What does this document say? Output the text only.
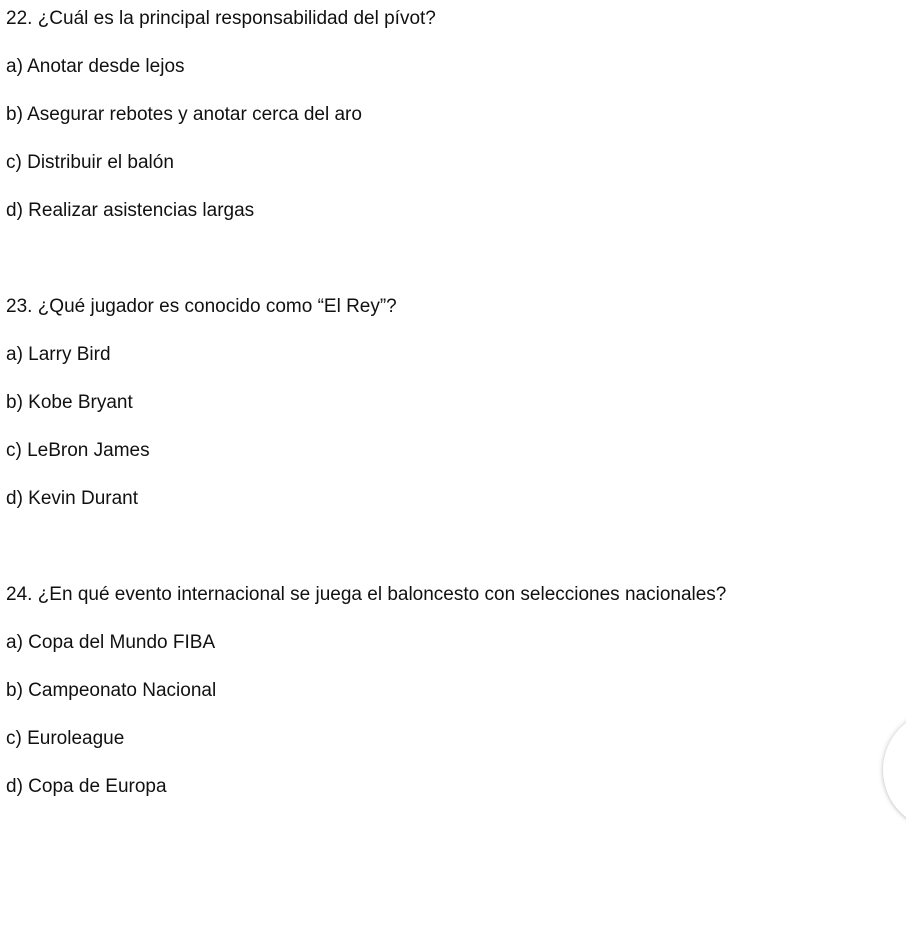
22. ¿Cuál es la principal responsabilidad del pívot?

a) Anotar desde lejos

b) Asegurar rebotes y anotar cerca del aro

c) Distribuir el balón

d) Realizar asistencias largas

23. ¿Qué jugador es conocido como “El Rey”?

a) Larry Bird

b) Kobe Bryant

c) LeBron James

d) Kevin Durant

24. ¿En qué evento internacional se juega el baloncesto con selecciones nacionales?

a) Copa del Mundo FIBA

b) Campeonato Nacional

c) Euroleague

d) Copa de Europa
